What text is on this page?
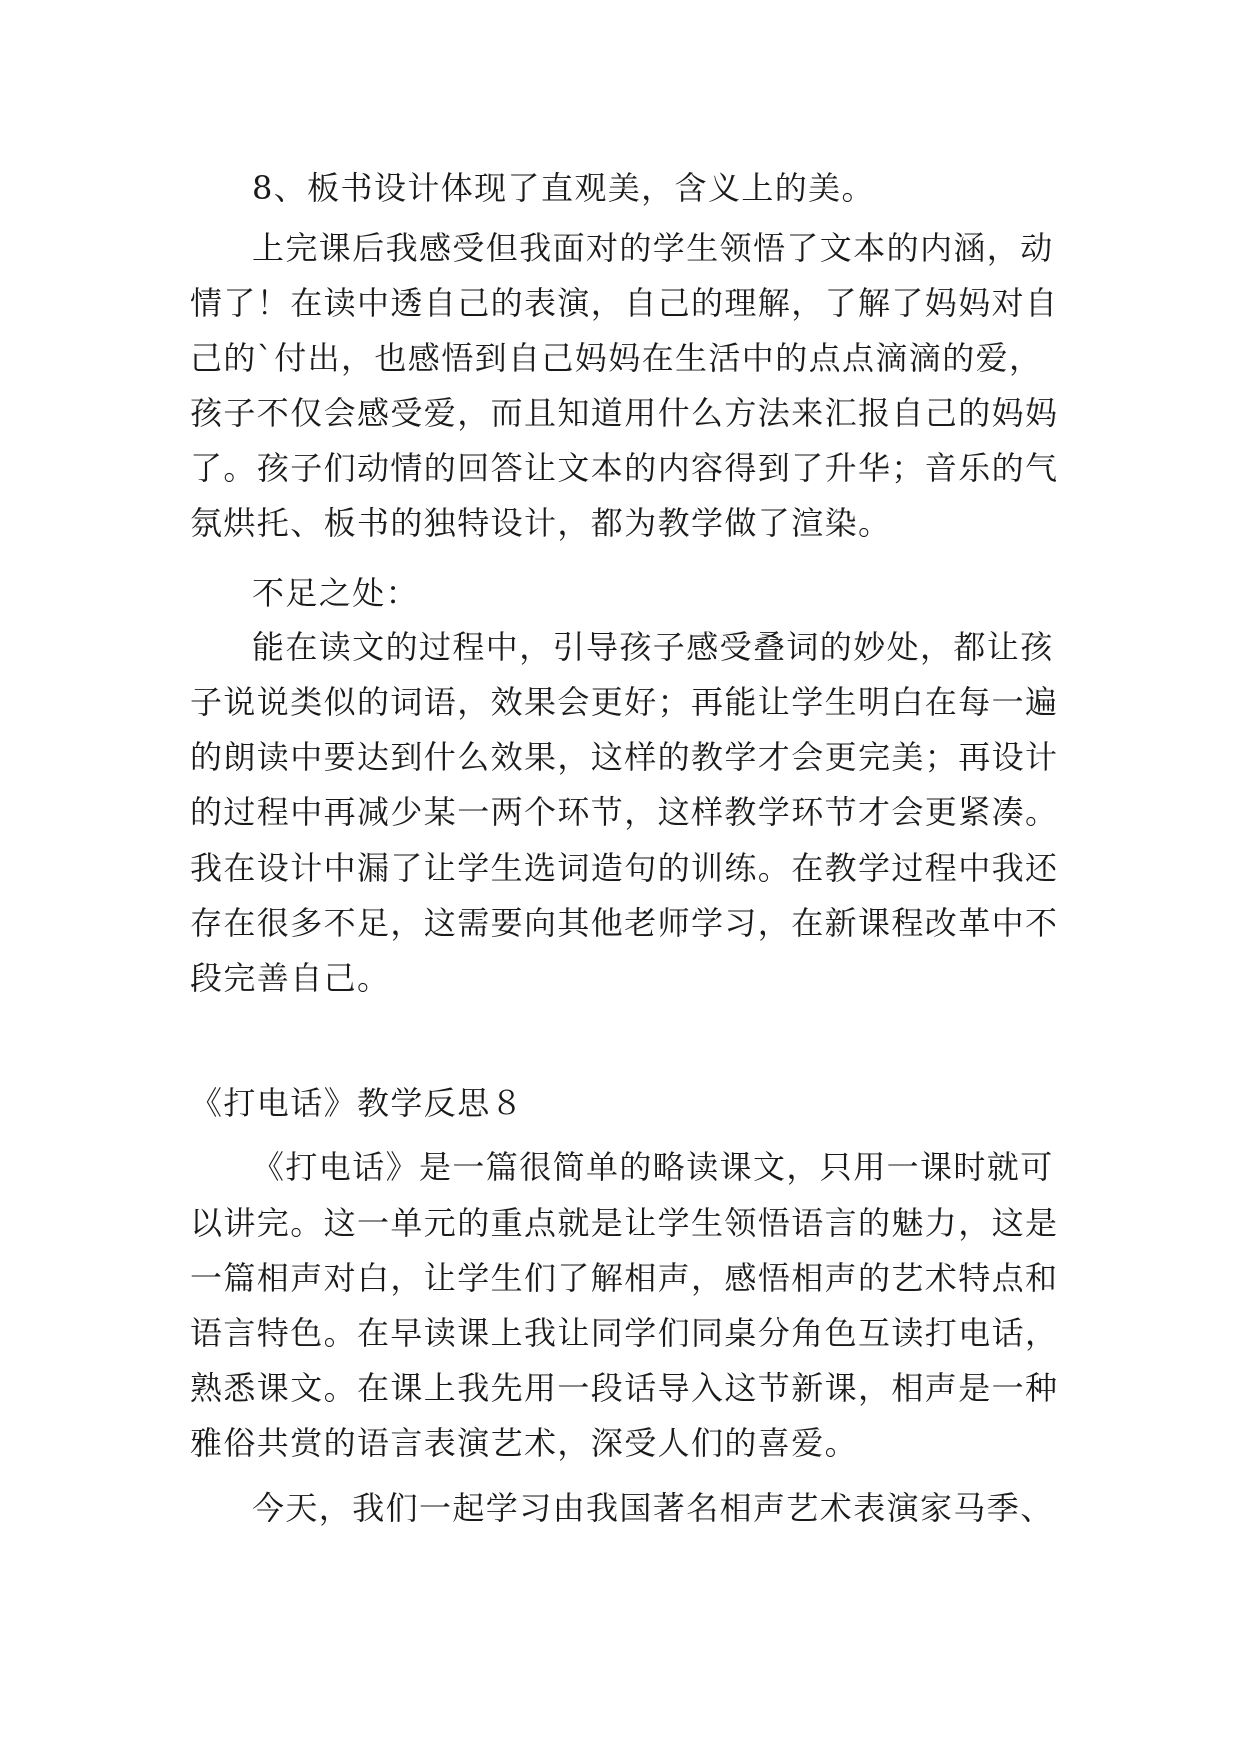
8、板书设计体现了直观美，含义上的美。
上完课后我感受但我面对的学生领悟了文本的内涵，动
情了！在读中透自己的表演，自己的理解，了解了妈妈对自
己的`付出，也感悟到自己妈妈在生活中的点点滴滴的爱，
孩子不仅会感受爱，而且知道用什么方法来汇报自己的妈妈
了。孩子们动情的回答让文本的内容得到了升华；音乐的气
氛烘托、板书的独特设计，都为教学做了渲染。
不足之处：
能在读文的过程中，引导孩子感受叠词的妙处，都让孩
子说说类似的词语，效果会更好；再能让学生明白在每一遍
的朗读中要达到什么效果，这样的教学才会更完美；再设计
的过程中再减少某一两个环节，这样教学环节才会更紧凑。
我在设计中漏了让学生选词造句的训练。在教学过程中我还
存在很多不足，这需要向其他老师学习，在新课程改革中不
段完善自己。
《打电话》教学反思８
《打电话》是一篇很简单的略读课文，只用一课时就可
以讲完。这一单元的重点就是让学生领悟语言的魅力，这是
一篇相声对白，让学生们了解相声，感悟相声的艺术特点和
语言特色。在早读课上我让同学们同桌分角色互读打电话，
熟悉课文。在课上我先用一段话导入这节新课，相声是一种
雅俗共赏的语言表演艺术，深受人们的喜爱。
今天，我们一起学习由我国著名相声艺术表演家马季、
